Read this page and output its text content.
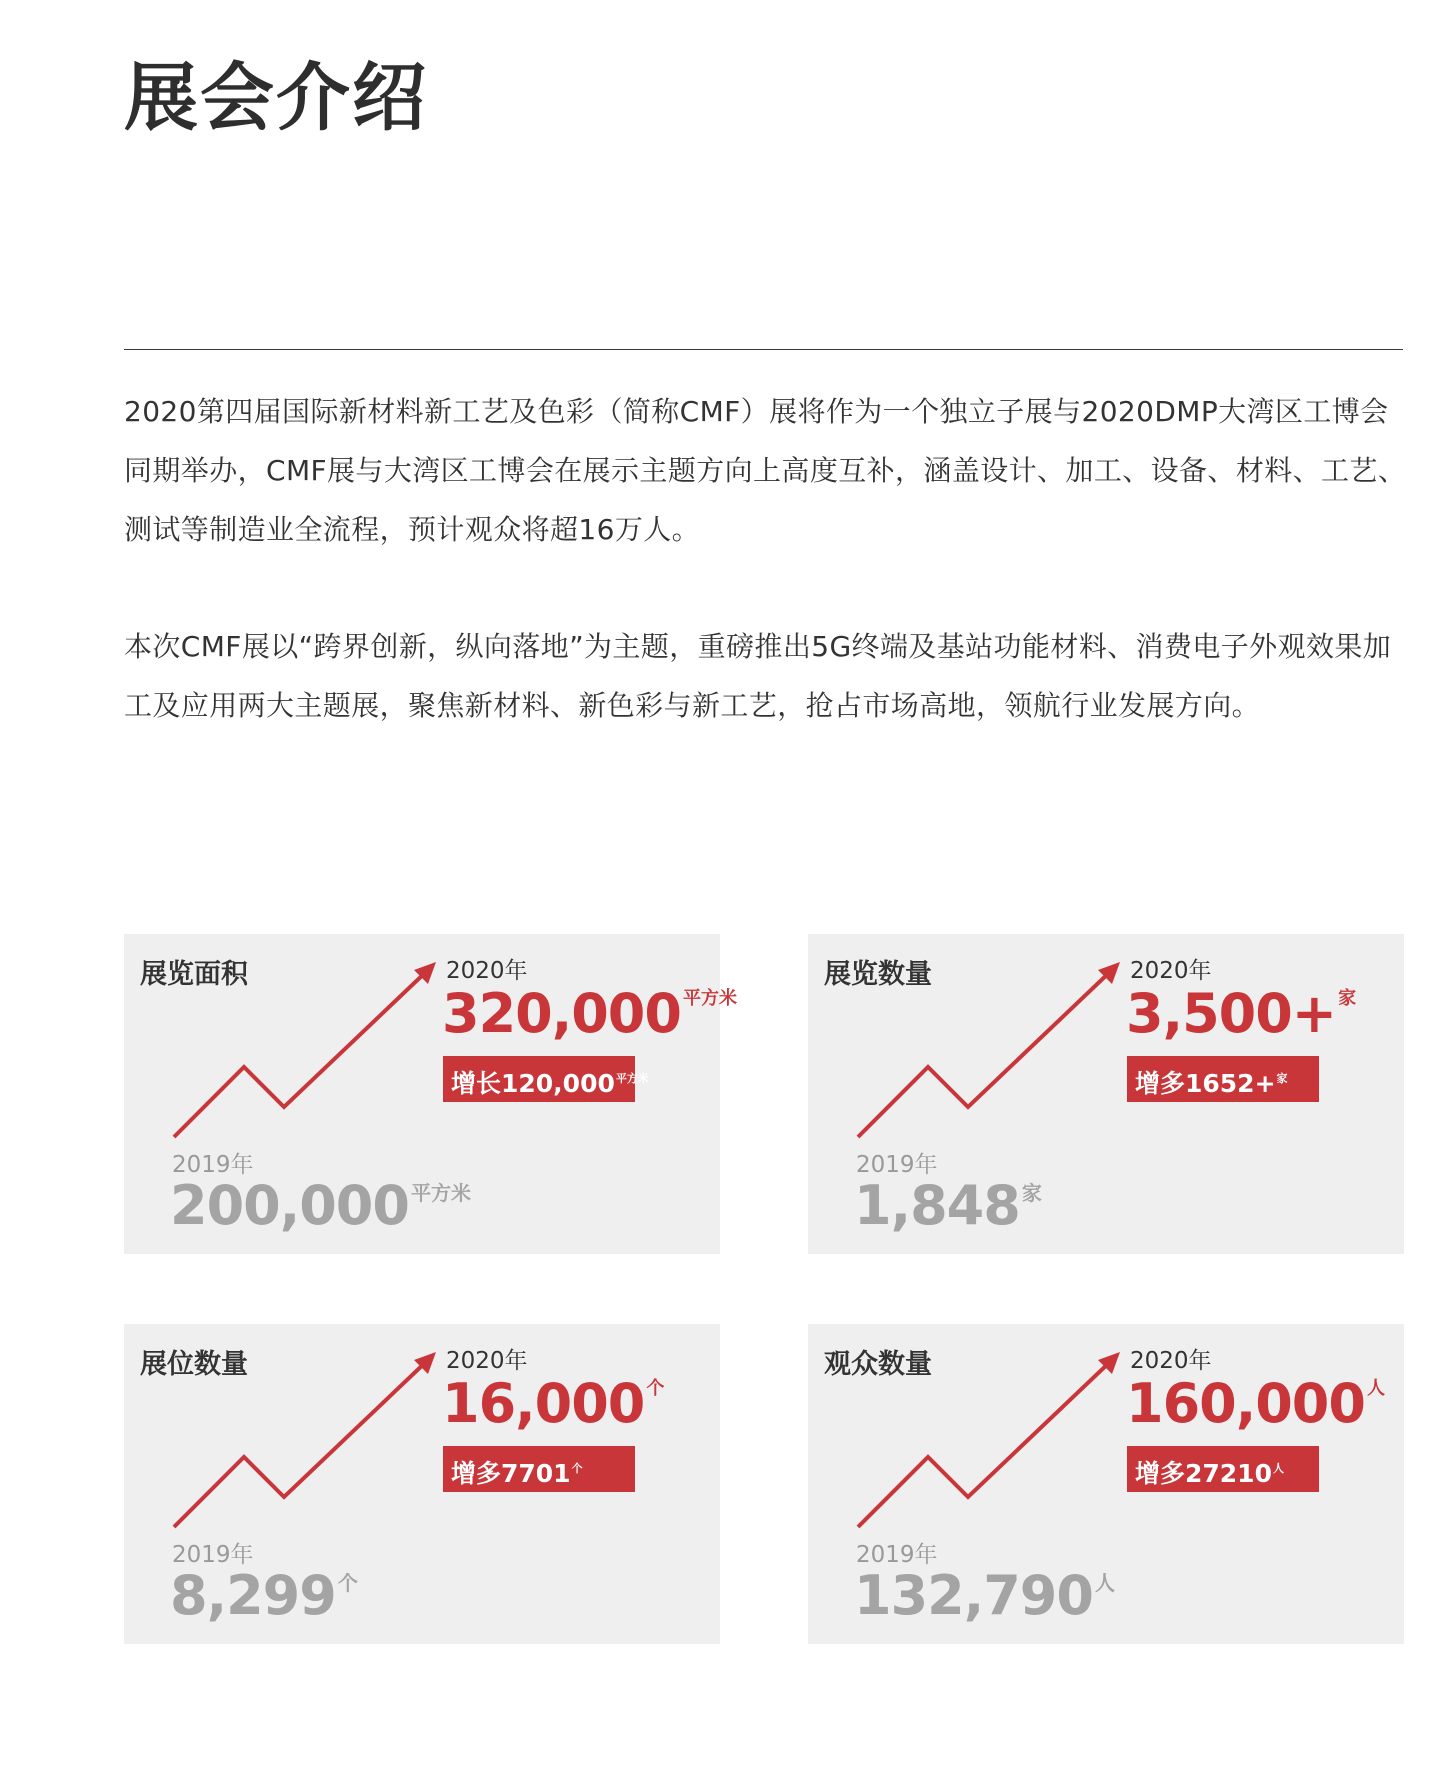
展会介绍

2020第四届国际新材料新工艺及色彩（简称CMF）展将作为一个独立子展与2020DMP大湾区工博会同期举办，CMF展与大湾区工博会在展示主题方向上高度互补，涵盖设计、加工、设备、材料、工艺、测试等制造业全流程，预计观众将超16万人。

本次CMF展以“跨界创新，纵向落地”为主题，重磅推出5G终端及基站功能材料、消费电子外观效果加工及应用两大主题展，聚焦新材料、新色彩与新工艺，抢占市场高地，领航行业发展方向。

展览面积	2020年
320,000 $^{平方米}$
增长$120,000^{平方米}$
2019年
200,000 $^{平方米}$
展览数量	2020年
3,500+ $^家$
增多1652+$^家$
2019年
1,848 $^家$
展位数量	2020年
16,000 $^个$
增多$7701^个$
2019年
8,299 $^个$
观众数量	2020年
160,000 $^人$
增多$27210^人$
2019年
132,790 $^人$
